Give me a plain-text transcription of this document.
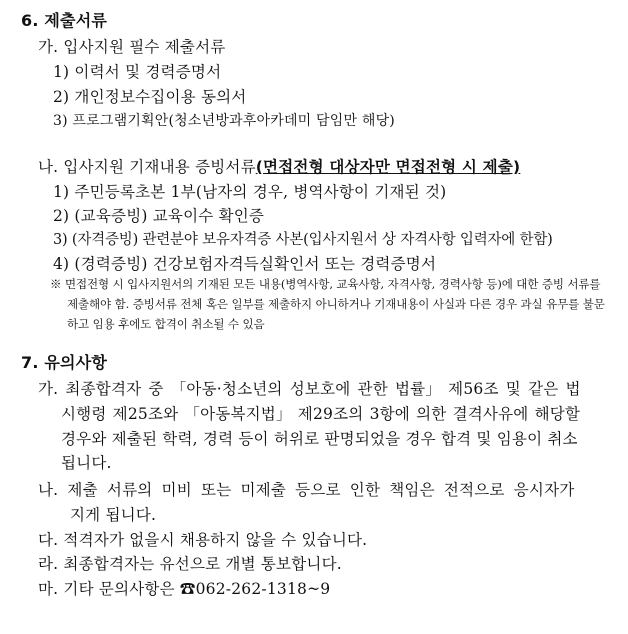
6. 제출서류
가. 입사지원 필수 제출서류
1) 이력서 및 경력증명서
2) 개인정보수집이용 동의서
3) 프로그램기획안(청소년방과후아카데미 담임만 해당)
나. 입사지원 기재내용 증빙서류(면접전형 대상자만 면접전형 시 제출)
1) 주민등록초본 1부(남자의 경우, 병역사항이 기재된 것)
2) (교육증빙) 교육이수 확인증
3) (자격증빙) 관련분야 보유자격증 사본(입사지원서 상 자격사항 입력자에 한함)
4) (경력증빙) 건강보험자격득실확인서 또는 경력증명서
※ 면접전형 시 입사지원서의 기재된 모든 내용(병역사항, 교육사항, 자격사항, 경력사항 등)에 대한 증빙 서류를
제출해야 함. 증빙서류 전체 혹은 일부를 제출하지 아니하거나 기재내용이 사실과 다른 경우 과실 유무를 불문
하고 임용 후에도 합격이 취소될 수 있음
7. 유의사항
가. 최종합격자 중 「아동·청소년의 성보호에 관한 법률」 제56조 및 같은 법
시행령 제25조와 「아동복지법」 제29조의 3항에 의한 결격사유에 해당할
경우와 제출된 학력, 경력 등이 허위로 판명되었을 경우 합격 및 임용이 취소
됩니다.
나. 제출 서류의 미비 또는 미제출 등으로 인한 책임은 전적으로 응시자가
지게 됩니다.
다. 적격자가 없을시 채용하지 않을 수 있습니다.
라. 최종합격자는 유선으로 개별 통보합니다.
마. 기타 문의사항은 ☎062-262-1318~9
